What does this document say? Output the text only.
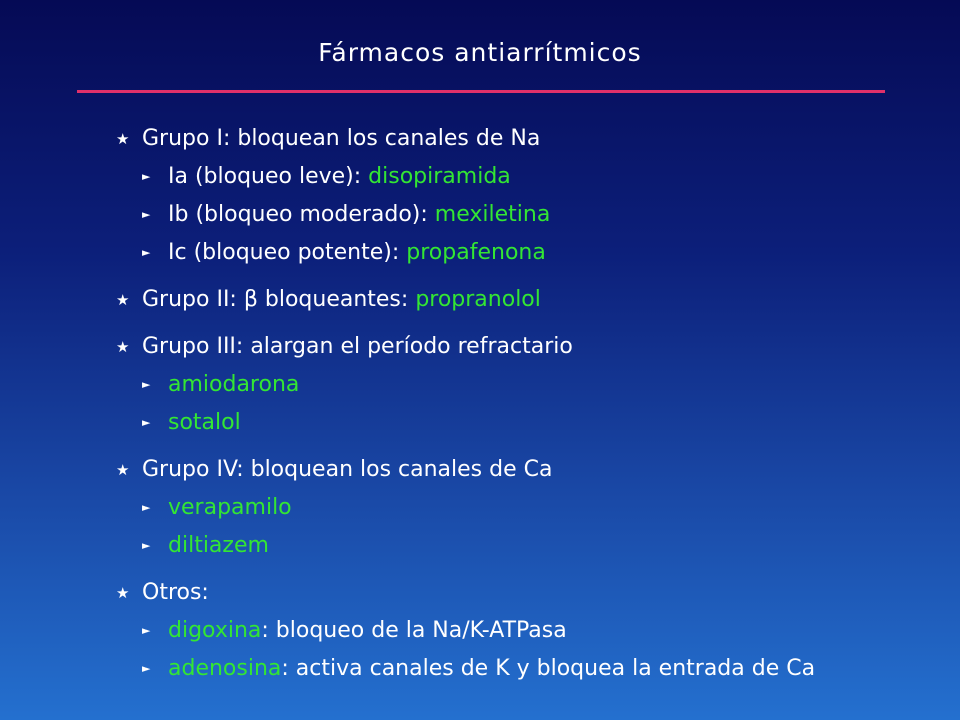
Fármacos antiarrítmicos
★ Grupo I: bloquean los canales de Na
► Ia (bloqueo leve): disopiramida
► Ib (bloqueo moderado): mexiletina
► Ic (bloqueo potente): propafenona
★ Grupo II: β bloqueantes: propranolol
★ Grupo III: alargan el período refractario
► amiodarona
► sotalol
★ Grupo IV: bloquean los canales de Ca
► verapamilo
► diltiazem
★ Otros:
► digoxina: bloqueo de la Na/K-ATPasa
► adenosina: activa canales de K y bloquea la entrada de Ca
